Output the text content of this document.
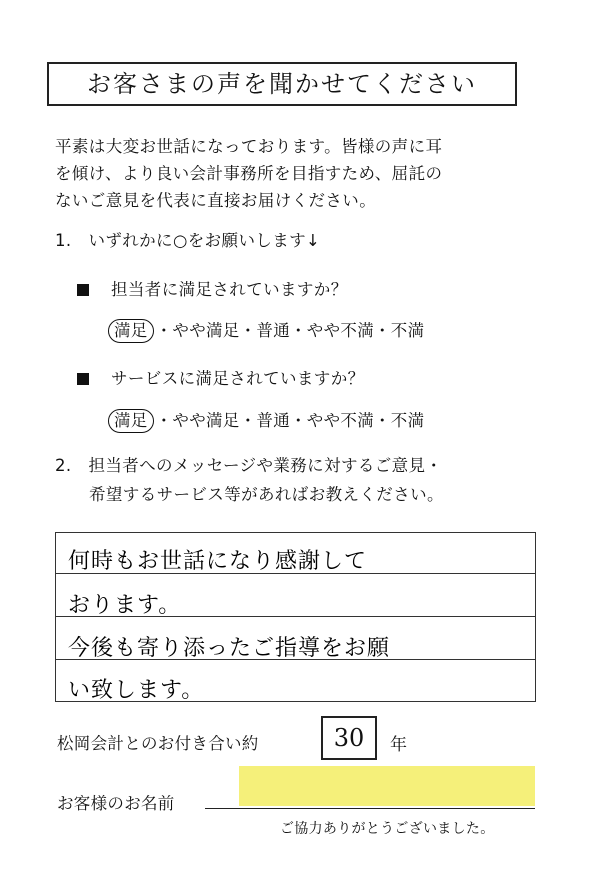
お客さまの声を聞かせてください
平素は大変お世話になっております。皆様の声に耳
を傾け、より良い会計事務所を目指すため、屈託の
ないご意見を代表に直接お届けください。
1.　いずれかに○をお願いします↓
担当者に満足されていますか？
満足 ・やや満足・普通・やや不満・不満
サービスに満足されていますか？
満足 ・やや満足・普通・やや不満・不満
2.　担当者へのメッセージや業務に対するご意見・
希望するサービス等があればお教えください。
何時もお世話になり感謝して
おります。
今後も寄り添ったご指導をお願
い致します。
松岡会計とのお付き合い約	30	年
お客様のお名前
ご協力ありがとうございました。
